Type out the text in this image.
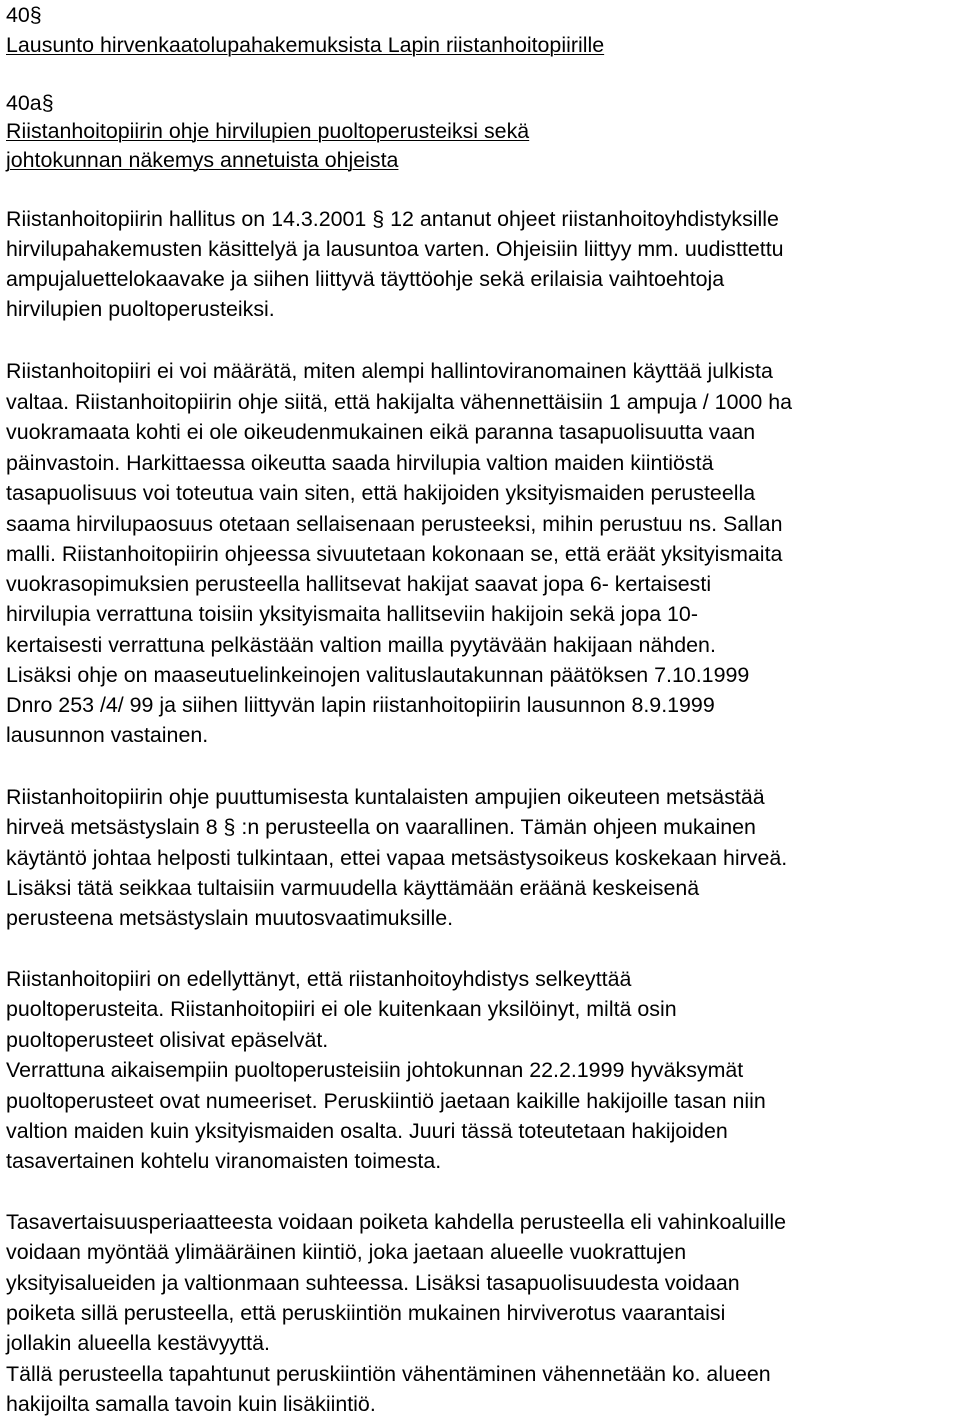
40§
Lausunto hirvenkaatolupahakemuksista Lapin riistanhoitopiirille
40a§
Riistanhoitopiirin ohje hirvilupien puoltoperusteiksi sekä
johtokunnan näkemys annetuista ohjeista
Riistanhoitopiirin hallitus on 14.3.2001 § 12 antanut ohjeet riistanhoitoyhdistyksille
hirvilupahakemusten käsittelyä ja lausuntoa varten. Ohjeisiin liittyy mm. uudisttettu
ampujaluettelokaavake ja siihen liittyvä täyttöohje sekä erilaisia vaihtoehtoja
hirvilupien puoltoperusteiksi.
Riistanhoitopiiri ei voi määrätä, miten alempi hallintoviranomainen käyttää julkista
valtaa. Riistanhoitopiirin ohje siitä, että hakijalta vähennettäisiin 1 ampuja / 1000 ha
vuokramaata kohti ei ole oikeudenmukainen eikä paranna tasapuolisuutta vaan
päinvastoin. Harkittaessa oikeutta saada hirvilupia valtion maiden kiintiöstä
tasapuolisuus voi toteutua vain siten, että hakijoiden yksityismaiden perusteella
saama hirvilupaosuus otetaan sellaisenaan perusteeksi, mihin perustuu ns. Sallan
malli. Riistanhoitopiirin ohjeessa sivuutetaan kokonaan se, että eräät yksityismaita
vuokrasopimuksien perusteella hallitsevat hakijat saavat jopa 6- kertaisesti
hirvilupia verrattuna toisiin yksityismaita hallitseviin hakijoin sekä jopa 10-
kertaisesti verrattuna pelkästään valtion mailla pyytävään hakijaan nähden.
Lisäksi ohje on maaseutuelinkeinojen valituslautakunnan päätöksen 7.10.1999
Dnro 253 /4/ 99 ja siihen liittyvän lapin riistanhoitopiirin lausunnon 8.9.1999
lausunnon vastainen.
Riistanhoitopiirin ohje puuttumisesta kuntalaisten ampujien oikeuteen metsästää
hirveä metsästyslain 8 § :n perusteella on vaarallinen. Tämän ohjeen mukainen
käytäntö johtaa helposti tulkintaan, ettei vapaa metsästysoikeus koskekaan hirveä.
Lisäksi tätä seikkaa tultaisiin varmuudella käyttämään eräänä keskeisenä
perusteena metsästyslain muutosvaatimuksille.
Riistanhoitopiiri on edellyttänyt, että riistanhoitoyhdistys selkeyttää
puoltoperusteita. Riistanhoitopiiri ei ole kuitenkaan yksilöinyt, miltä osin
puoltoperusteet olisivat epäselvät.
Verrattuna aikaisempiin puoltoperusteisiin johtokunnan 22.2.1999 hyväksymät
puoltoperusteet ovat numeeriset. Peruskiintiö jaetaan kaikille hakijoille tasan niin
valtion maiden kuin yksityismaiden osalta. Juuri tässä toteutetaan hakijoiden
tasavertainen kohtelu viranomaisten toimesta.
Tasavertaisuusperiaatteesta voidaan poiketa kahdella perusteella eli vahinkoaluille
voidaan myöntää ylimääräinen kiintiö, joka jaetaan alueelle vuokrattujen
yksityisalueiden ja valtionmaan suhteessa. Lisäksi tasapuolisuudesta voidaan
poiketa sillä perusteella, että peruskiintiön mukainen hirviverotus vaarantaisi
jollakin alueella kestävyyttä.
Tällä perusteella tapahtunut peruskiintiön vähentäminen vähennetään ko. alueen
hakijoilta samalla tavoin kuin lisäkiintiö.
